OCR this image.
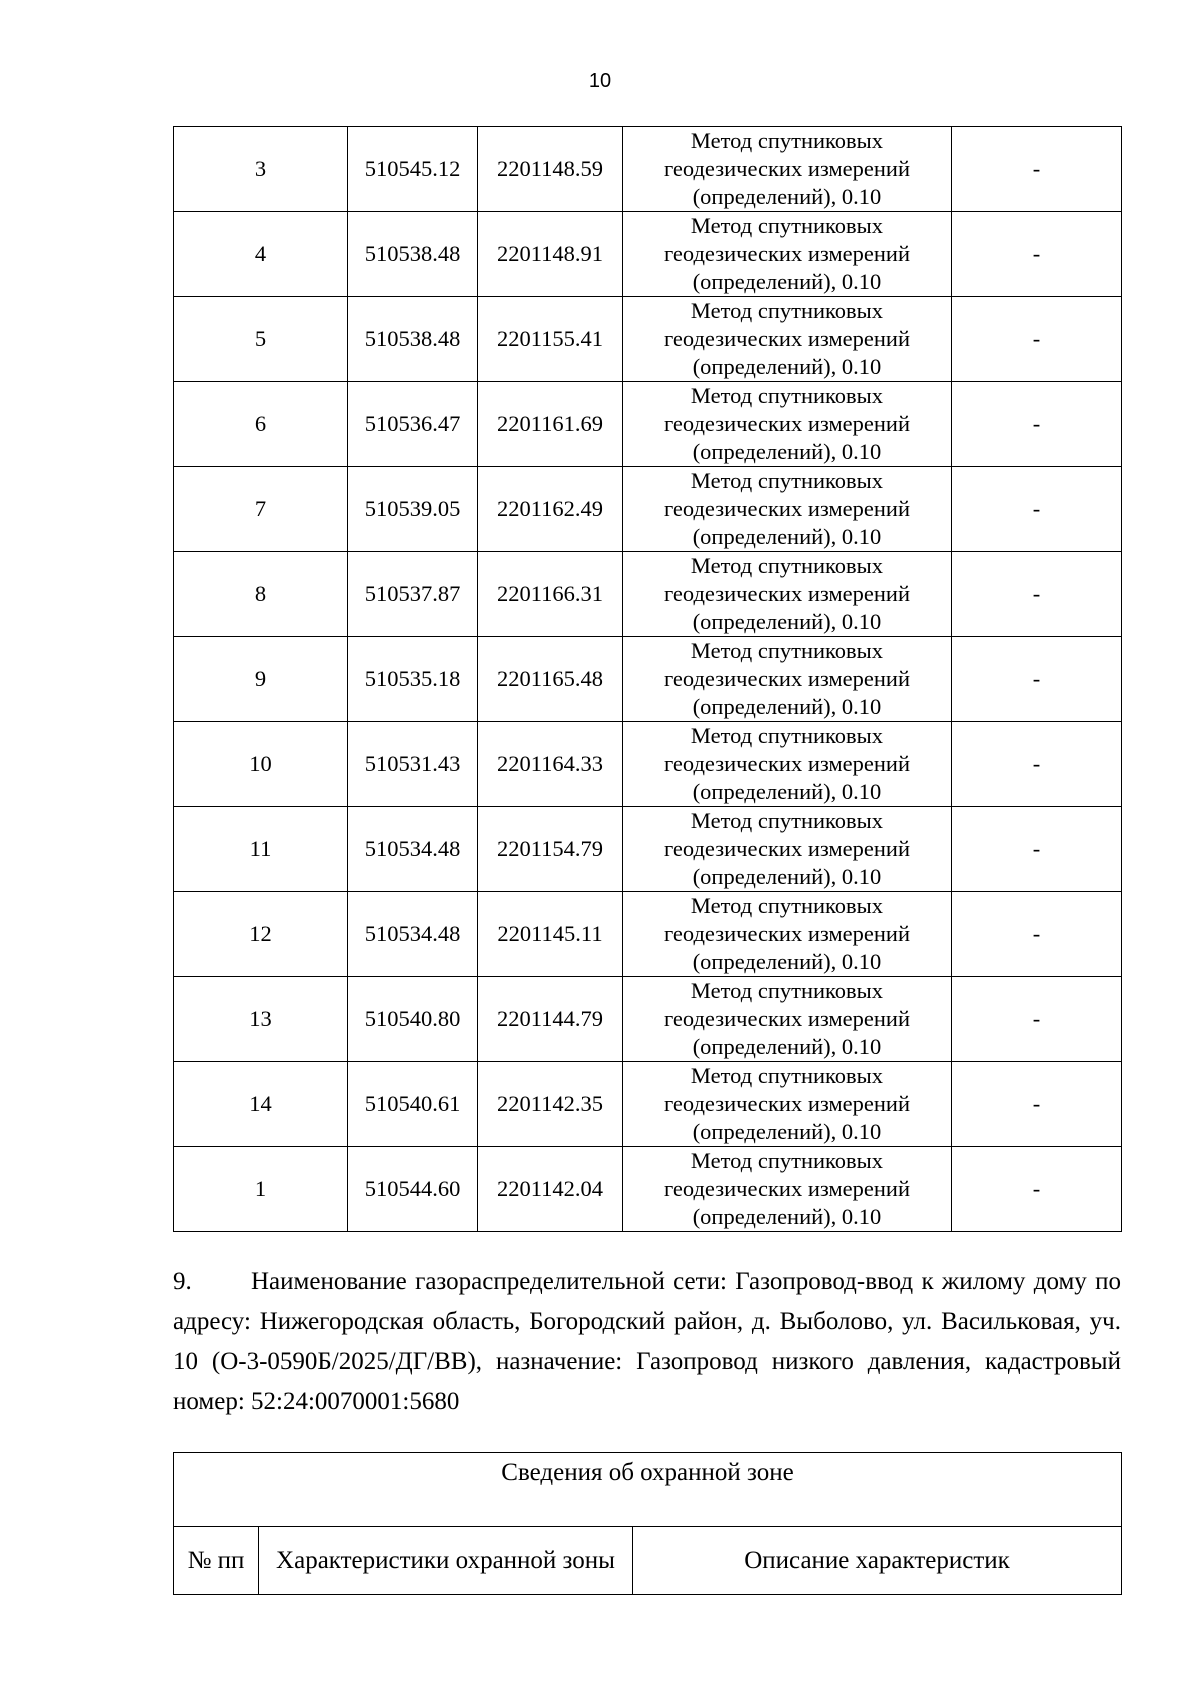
10
3	510545.12	2201148.59	Метод спутниковых
геодезических измерений
(определений), 0.10	-
4	510538.48	2201148.91	Метод спутниковых
геодезических измерений
(определений), 0.10	-
5	510538.48	2201155.41	Метод спутниковых
геодезических измерений
(определений), 0.10	-
6	510536.47	2201161.69	Метод спутниковых
геодезических измерений
(определений), 0.10	-
7	510539.05	2201162.49	Метод спутниковых
геодезических измерений
(определений), 0.10	-
8	510537.87	2201166.31	Метод спутниковых
геодезических измерений
(определений), 0.10	-
9	510535.18	2201165.48	Метод спутниковых
геодезических измерений
(определений), 0.10	-
10	510531.43	2201164.33	Метод спутниковых
геодезических измерений
(определений), 0.10	-
11	510534.48	2201154.79	Метод спутниковых
геодезических измерений
(определений), 0.10	-
12	510534.48	2201145.11	Метод спутниковых
геодезических измерений
(определений), 0.10	-
13	510540.80	2201144.79	Метод спутниковых
геодезических измерений
(определений), 0.10	-
14	510540.61	2201142.35	Метод спутниковых
геодезических измерений
(определений), 0.10	-
1	510544.60	2201142.04	Метод спутниковых
геодезических измерений
(определений), 0.10	-
9. Наименование газораспределительной сети: Газопровод-ввод к жилому дому по адресу: Нижегородская область, Богородский район, д. Выболово, ул. Васильковая, уч. 10 (О-3-0590Б/2025/ДГ/ВВ), назначение: Газопровод низкого давления, кадастровый номер: 52:24:0070001:5680
Сведения об охранной зоне
№ пп	Характеристики охранной зоны	Описание характеристик
